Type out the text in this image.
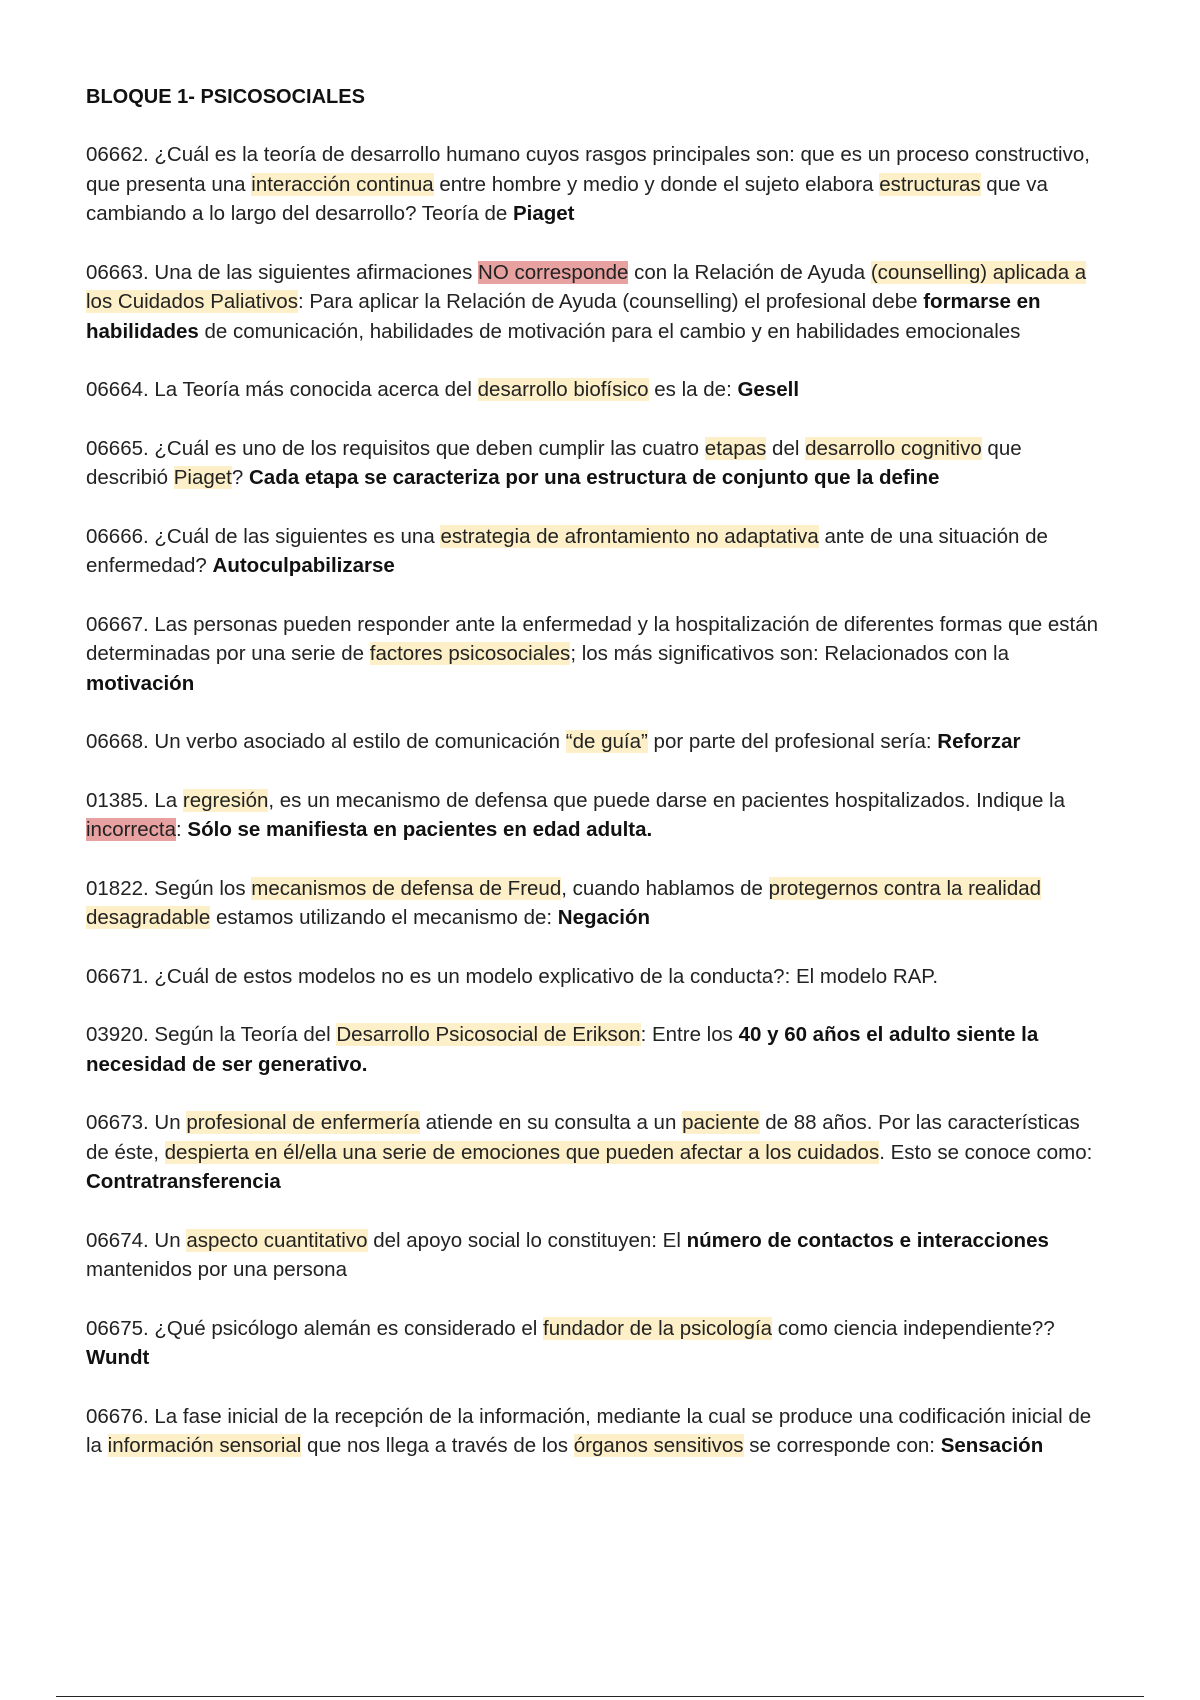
BLOQUE 1- PSICOSOCIALES

06662. ¿Cuál es la teoría de desarrollo humano cuyos rasgos principales son: que es un proceso constructivo, que presenta una interacción continua entre hombre y medio y donde el sujeto elabora estructuras que va cambiando a lo largo del desarrollo? Teoría de Piaget

06663. Una de las siguientes afirmaciones NO corresponde con la Relación de Ayuda (counselling) aplicada a los Cuidados Paliativos: Para aplicar la Relación de Ayuda (counselling) el profesional debe formarse en habilidades de comunicación, habilidades de motivación para el cambio y en habilidades emocionales

06664. La Teoría más conocida acerca del desarrollo biofísico es la de: Gesell

06665. ¿Cuál es uno de los requisitos que deben cumplir las cuatro etapas del desarrollo cognitivo que describió Piaget? Cada etapa se caracteriza por una estructura de conjunto que la define

06666. ¿Cuál de las siguientes es una estrategia de afrontamiento no adaptativa ante de una situación de enfermedad? Autoculpabilizarse

06667. Las personas pueden responder ante la enfermedad y la hospitalización de diferentes formas que están determinadas por una serie de factores psicosociales; los más significativos son: Relacionados con la motivación

06668. Un verbo asociado al estilo de comunicación “de guía” por parte del profesional sería: Reforzar

01385. La regresión, es un mecanismo de defensa que puede darse en pacientes hospitalizados. Indique la incorrecta: Sólo se manifiesta en pacientes en edad adulta.

01822. Según los mecanismos de defensa de Freud, cuando hablamos de protegernos contra la realidad desagradable estamos utilizando el mecanismo de: Negación

06671. ¿Cuál de estos modelos no es un modelo explicativo de la conducta?: El modelo RAP.

03920. Según la Teoría del Desarrollo Psicosocial de Erikson: Entre los 40 y 60 años el adulto siente la necesidad de ser generativo.

06673. Un profesional de enfermería atiende en su consulta a un paciente de 88 años. Por las características de éste, despierta en él/ella una serie de emociones que pueden afectar a los cuidados. Esto se conoce como: Contratransferencia

06674. Un aspecto cuantitativo del apoyo social lo constituyen: El número de contactos e interacciones mantenidos por una persona

06675. ¿Qué psicólogo alemán es considerado el fundador de la psicología como ciencia independiente?? Wundt

06676. La fase inicial de la recepción de la información, mediante la cual se produce una codificación inicial de la información sensorial que nos llega a través de los órganos sensitivos se corresponde con: Sensación
